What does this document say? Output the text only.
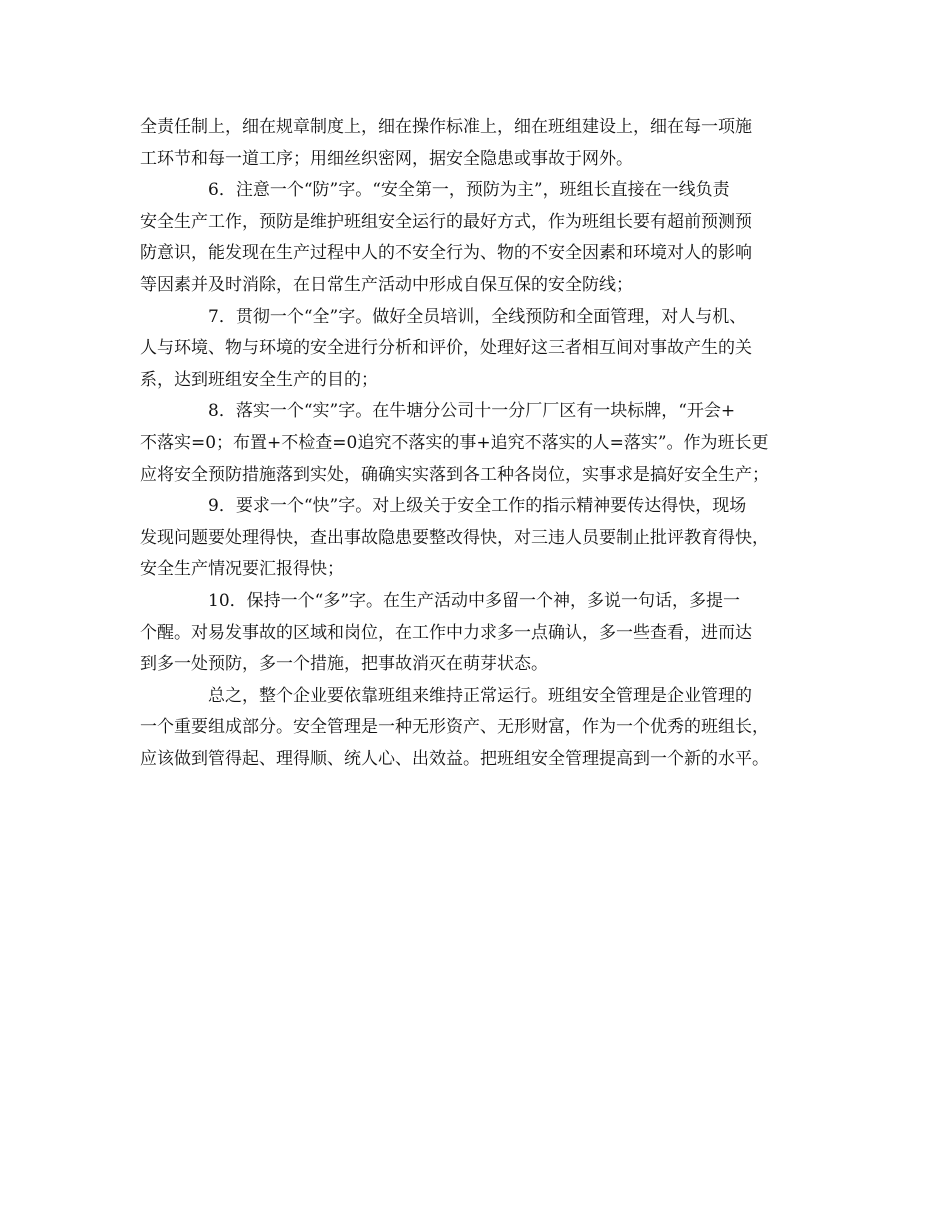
全责任制上，细在规章制度上，细在操作标准上，细在班组建设上，细在每一项施
工环节和每一道工序；用细丝织密网，据安全隐患或事故于网外。
6．注意一个“防”字。“安全第一，预防为主”，班组长直接在一线负责
安全生产工作，预防是维护班组安全运行的最好方式，作为班组长要有超前预测预
防意识，能发现在生产过程中人的不安全行为、物的不安全因素和环境对人的影响
等因素并及时消除，在日常生产活动中形成自保互保的安全防线；
7．贯彻一个“全”字。做好全员培训，全线预防和全面管理，对人与机、
人与环境、物与环境的安全进行分析和评价，处理好这三者相互间对事故产生的关
系，达到班组安全生产的目的；
8．落实一个“实”字。在牛塘分公司十一分厂厂区有一块标牌，“开会+
不落实=0；布置+不检查=0追究不落实的事+追究不落实的人=落实”。作为班长更
应将安全预防措施落到实处，确确实实落到各工种各岗位，实事求是搞好安全生产；
9．要求一个“快”字。对上级关于安全工作的指示精神要传达得快，现场
发现问题要处理得快，查出事故隐患要整改得快，对三违人员要制止批评教育得快，
安全生产情况要汇报得快；
10．保持一个“多”字。在生产活动中多留一个神，多说一句话，多提一
个醒。对易发事故的区域和岗位，在工作中力求多一点确认，多一些查看，进而达
到多一处预防，多一个措施，把事故消灭在萌芽状态。
总之，整个企业要依靠班组来维持正常运行。班组安全管理是企业管理的
一个重要组成部分。安全管理是一种无形资产、无形财富，作为一个优秀的班组长，
应该做到管得起、理得顺、统人心、出效益。把班组安全管理提高到一个新的水平。
